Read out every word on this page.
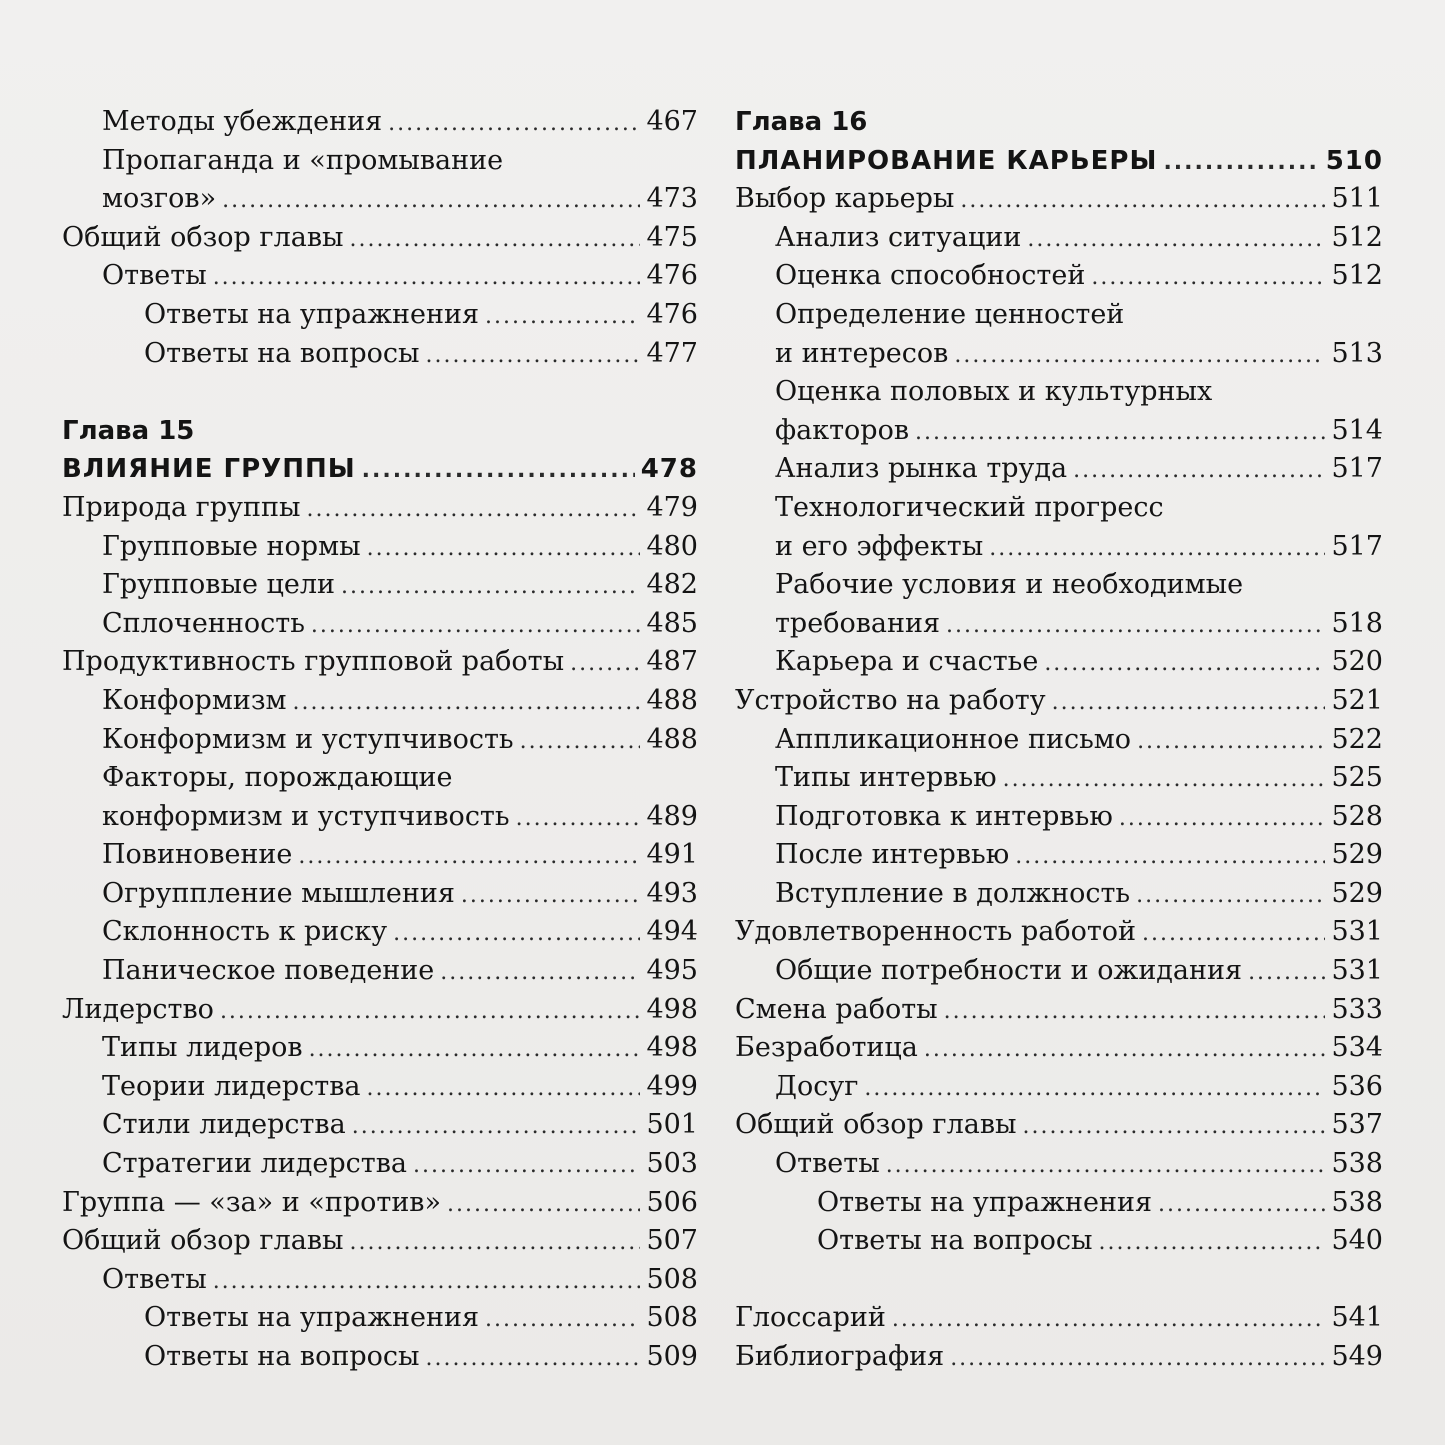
Методы убеждения .....	467
Пропаганда и «промывание
мозгов» .....	473
Общий обзор главы .....	475
Ответы .....	476
Ответы на упражнения .....	476
Ответы на вопросы .....	477
Глава 15
ВЛИЯНИЕ ГРУППЫ .....	478
Природа группы .....	479
Групповые нормы .....	480
Групповые цели .....	482
Сплоченность .....	485
Продуктивность групповой работы .....	487
Конформизм .....	488
Конформизм и уступчивость .....	488
Факторы, порождающие
конформизм и уступчивость .....	489
Повиновение .....	491
Огруппление мышления .....	493
Склонность к риску .....	494
Паническое поведение .....	495
Лидерство .....	498
Типы лидеров .....	498
Теории лидерства .....	499
Стили лидерства .....	501
Стратегии лидерства .....	503
Группа — «за» и «против» .....	506
Общий обзор главы .....	507
Ответы .....	508
Ответы на упражнения .....	508
Ответы на вопросы .....	509
Глава 16
ПЛАНИРОВАНИЕ КАРЬЕРЫ .....	510
Выбор карьеры .....	511
Анализ ситуации .....	512
Оценка способностей .....	512
Определение ценностей
и интересов .....	513
Оценка половых и культурных
факторов .....	514
Анализ рынка труда .....	517
Технологический прогресс
и его эффекты .....	517
Рабочие условия и необходимые
требования .....	518
Карьера и счастье .....	520
Устройство на работу .....	521
Аппликационное письмо .....	522
Типы интервью .....	525
Подготовка к интервью .....	528
После интервью .....	529
Вступление в должность .....	529
Удовлетворенность работой .....	531
Общие потребности и ожидания .....	531
Смена работы .....	533
Безработица .....	534
Досуг .....	536
Общий обзор главы .....	537
Ответы .....	538
Ответы на упражнения .....	538
Ответы на вопросы .....	540
Глоссарий .....	541
Библиография .....	549
